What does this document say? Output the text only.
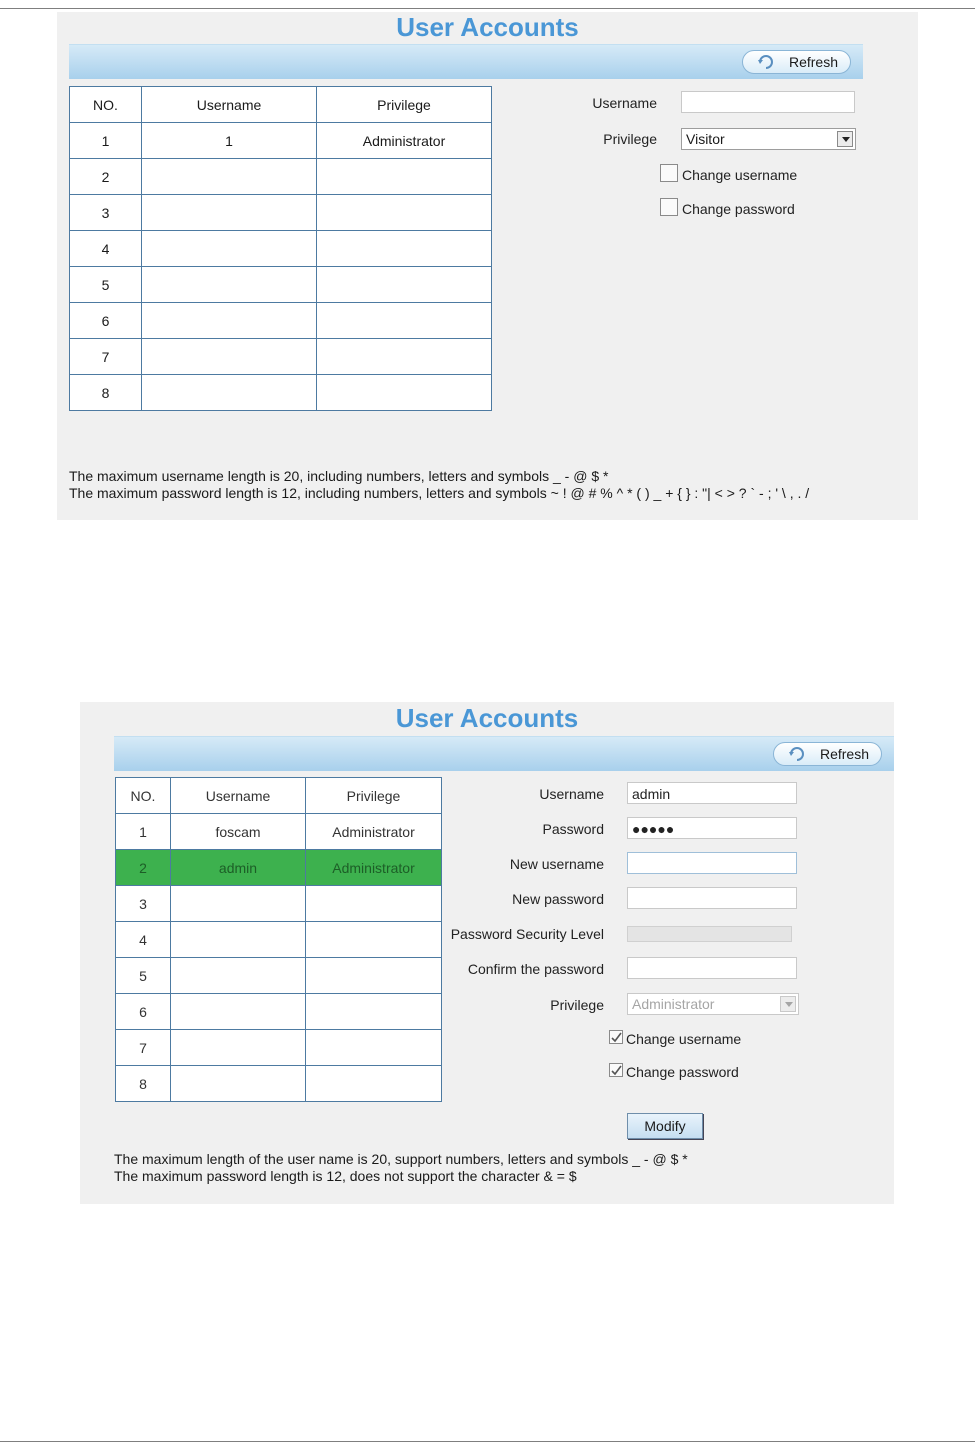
User Accounts
Refresh
NO.	Username	Privilege
1	1	Administrator
2		
3		
4		
5		
6		
7		
8		
Username
Privilege	Visitor
Change username
Change password
The maximum username length is 20, including numbers, letters and symbols _ - @ $ *
The maximum password length is 12, including numbers, letters and symbols ~ ! @ # % ^ * ( ) _ + { } : "| < > ? ` - ; ' \ , . /
User Accounts
Refresh
NO.	Username	Privilege
1	foscam	Administrator
2	admin	Administrator
3		
4		
5		
6		
7		
8		
Username	admin
Password	●●●●●
New username
New password
Password Security Level
Confirm the password
Privilege	Administrator
Change username
Change password
Modify
The maximum length of the user name is 20, support numbers, letters and symbols _ - @ $ *
The maximum password length is 12, does not support the character & = $
